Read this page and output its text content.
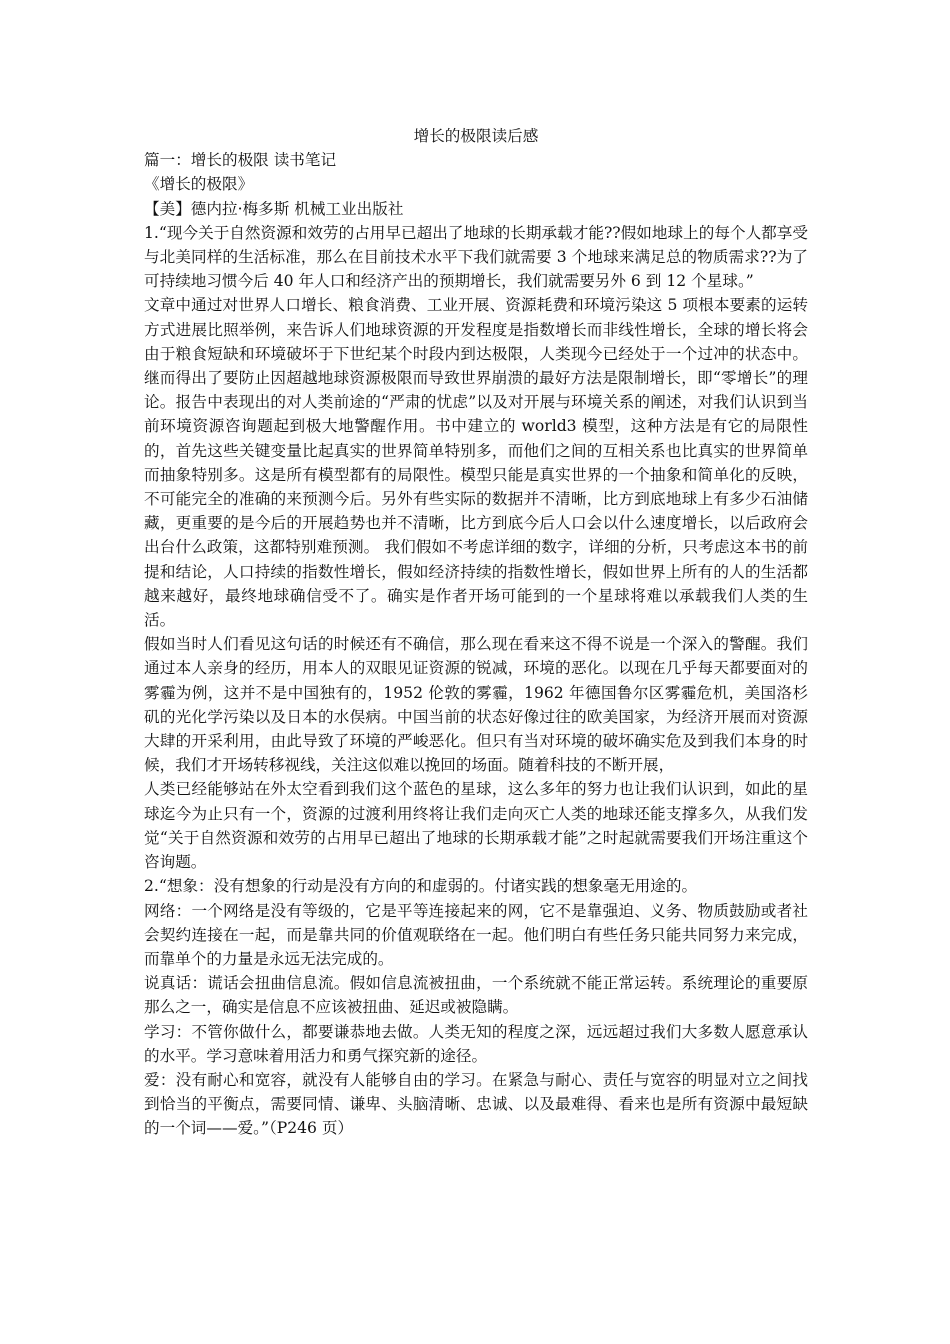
增长的极限读后感

篇一：增长的极限 读书笔记

《增长的极限》

【美】德内拉·梅多斯 机械工业出版社

1.“现今关于自然资源和效劳的占用早已超出了地球的长期承载才能??假如地球上的每个人都享受与北美同样的生活标准，那么在目前技术水平下我们就需要 3 个地球来满足总的物质需求??为了可持续地习惯今后 40 年人口和经济产出的预期增长，我们就需要另外 6 到 12 个星球。”

文章中通过对世界人口增长、粮食消费、工业开展、资源耗费和环境污染这 5 项根本要素的运转方式进展比照举例，来告诉人们地球资源的开发程度是指数增长而非线性增长，全球的增长将会由于粮食短缺和环境破坏于下世纪某个时段内到达极限，人类现今已经处于一个过冲的状态中。继而得出了要防止因超越地球资源极限而导致世界崩溃的最好方法是限制增长，即“零增长”的理论。报告中表现出的对人类前途的“严肃的忧虑”以及对开展与环境关系的阐述，对我们认识到当前环境资源咨询题起到极大地警醒作用。书中建立的 world3 模型，这种方法是有它的局限性的，首先这些关键变量比起真实的世界简单特别多，而他们之间的互相关系也比真实的世界简单而抽象特别多。这是所有模型都有的局限性。模型只能是真实世界的一个抽象和简单化的反映，不可能完全的准确的来预测今后。另外有些实际的数据并不清晰，比方到底地球上有多少石油储藏，更重要的是今后的开展趋势也并不清晰，比方到底今后人口会以什么速度增长，以后政府会出台什么政策，这都特别难预测。 我们假如不考虑详细的数字，详细的分析，只考虑这本书的前提和结论，人口持续的指数性增长，假如经济持续的指数性增长，假如世界上所有的人的生活都越来越好，最终地球确信受不了。确实是作者开场可能到的一个星球将难以承载我们人类的生活。

假如当时人们看见这句话的时候还有不确信，那么现在看来这不得不说是一个深入的警醒。我们通过本人亲身的经历，用本人的双眼见证资源的锐减，环境的恶化。以现在几乎每天都要面对的雾霾为例，这并不是中国独有的，1952 伦敦的雾霾，1962 年德国鲁尔区雾霾危机，美国洛杉矶的光化学污染以及日本的水俣病。中国当前的状态好像过往的欧美国家，为经济开展而对资源大肆的开采利用，由此导致了环境的严峻恶化。但只有当对环境的破坏确实危及到我们本身的时候，我们才开场转移视线，关注这似难以挽回的场面。随着科技的不断开展，

人类已经能够站在外太空看到我们这个蓝色的星球，这么多年的努力也让我们认识到，如此的星球迄今为止只有一个，资源的过渡利用终将让我们走向灭亡人类的地球还能支撑多久，从我们发觉“关于自然资源和效劳的占用早已超出了地球的长期承载才能”之时起就需要我们开场注重这个咨询题。

2.“想象：没有想象的行动是没有方向的和虚弱的。付诸实践的想象毫无用途的。

网络：一个网络是没有等级的，它是平等连接起来的网，它不是靠强迫、义务、物质鼓励或者社会契约连接在一起，而是靠共同的价值观联络在一起。他们明白有些任务只能共同努力来完成，而靠单个的力量是永远无法完成的。

说真话：谎话会扭曲信息流。假如信息流被扭曲，一个系统就不能正常运转。系统理论的重要原那么之一，确实是信息不应该被扭曲、延迟或被隐瞒。

学习：不管你做什么，都要谦恭地去做。人类无知的程度之深，远远超过我们大多数人愿意承认的水平。学习意味着用活力和勇气探究新的途径。

爱：没有耐心和宽容，就没有人能够自由的学习。在紧急与耐心、责任与宽容的明显对立之间找到恰当的平衡点，需要同情、谦卑、头脑清晰、忠诚、以及最难得、看来也是所有资源中最短缺的一个词——爱。”（P246 页）
